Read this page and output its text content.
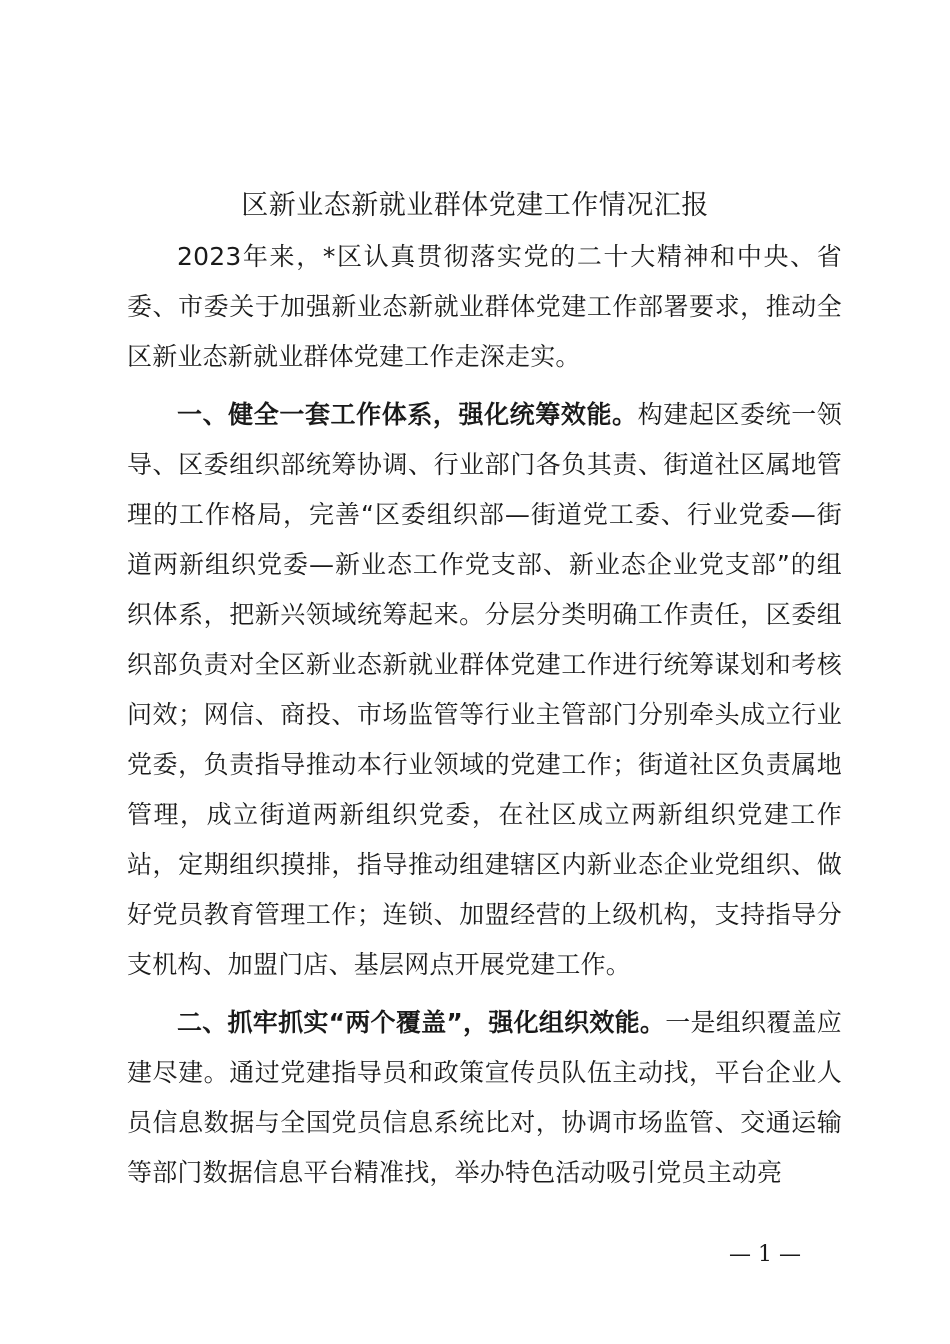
区新业态新就业群体党建工作情况汇报

2023年来，*区认真贯彻落实党的二十大精神和中央、省委、市委关于加强新业态新就业群体党建工作部署要求，推动全区新业态新就业群体党建工作走深走实。

一、健全一套工作体系，强化统筹效能。构建起区委统一领导、区委组织部统筹协调、行业部门各负其责、街道社区属地管理的工作格局，完善“区委组织部—街道党工委、行业党委—街道两新组织党委—新业态工作党支部、新业态企业党支部”的组织体系，把新兴领域统筹起来。分层分类明确工作责任，区委组织部负责对全区新业态新就业群体党建工作进行统筹谋划和考核问效；网信、商投、市场监管等行业主管部门分别牵头成立行业党委，负责指导推动本行业领域的党建工作；街道社区负责属地管理，成立街道两新组织党委，在社区成立两新组织党建工作站，定期组织摸排，指导推动组建辖区内新业态企业党组织、做好党员教育管理工作；连锁、加盟经营的上级机构，支持指导分支机构、加盟门店、基层网点开展党建工作。

二、抓牢抓实“两个覆盖”，强化组织效能。一是组织覆盖应建尽建。通过党建指导员和政策宣传员队伍主动找，平台企业人员信息数据与全国党员信息系统比对，协调市场监管、交通运输等部门数据信息平台精准找，举办特色活动吸引党员主动亮

— 1 —
